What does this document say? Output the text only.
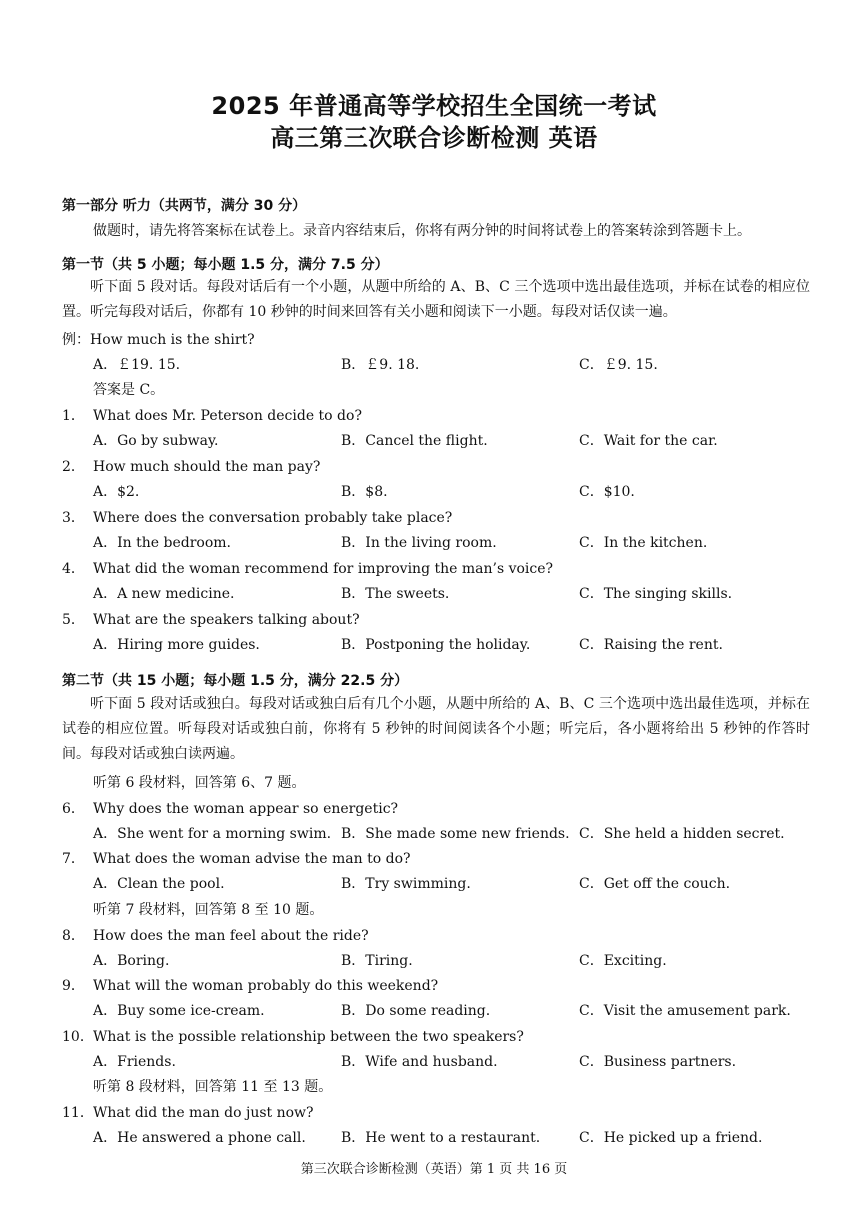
2025 年普通高等学校招生全国统一考试
高三第三次联合诊断检测 英语
第一部分 听力（共两节，满分 30 分）
做题时，请先将答案标在试卷上。录音内容结束后，你将有两分钟的时间将试卷上的答案转涂到答题卡上。
第一节（共 5 小题；每小题 1.5 分，满分 7.5 分）
听下面 5 段对话。每段对话后有一个小题，从题中所给的 A、B、C 三个选项中选出最佳选项，并标在试卷的相应位置。听完每段对话后，你都有 10 秒钟的时间来回答有关小题和阅读下一小题。每段对话仅读一遍。
例：How much is the shirt?
A．￡19. 15.	B．￡9. 18.	C．￡9. 15.
答案是 C。
1． What does Mr. Peterson decide to do?
A．Go by subway.	B．Cancel the flight.	C．Wait for the car.
2． How much should the man pay?
A．$2.	B．$8.	C．$10.
3． Where does the conversation probably take place?
A．In the bedroom.	B．In the living room.	C．In the kitchen.
4． What did the woman recommend for improving the man’s voice?
A．A new medicine.	B．The sweets.	C．The singing skills.
5． What are the speakers talking about?
A．Hiring more guides.	B．Postponing the holiday.	C．Raising the rent.
第二节（共 15 小题；每小题 1.5 分，满分 22.5 分）
听下面 5 段对话或独白。每段对话或独白后有几个小题，从题中所给的 A、B、C 三个选项中选出最佳选项，并标在试卷的相应位置。听每段对话或独白前，你将有 5 秒钟的时间阅读各个小题；听完后，各小题将给出 5 秒钟的作答时间。每段对话或独白读两遍。
听第 6 段材料，回答第 6、7 题。
听第 7 段材料，回答第 8 至 10 题。
听第 8 段材料，回答第 11 至 13 题。
6． Why does the woman appear so energetic?
A．She went for a morning swim. B．She made some new friends. C．She held a hidden secret.
7． What does the woman advise the man to do?
A．Clean the pool.	B．Try swimming.	C．Get off the couch.
8． How does the man feel about the ride?
A．Boring.	B．Tiring.	C．Exciting.
9． What will the woman probably do this weekend?
A．Buy some ice-cream.	B．Do some reading.	C．Visit the amusement park.
10． What is the possible relationship between the two speakers?
A．Friends.	B．Wife and husband.	C．Business partners.
11． What did the man do just now?
A．He answered a phone call.	B．He went to a restaurant.	C．He picked up a friend.
第三次联合诊断检测（英语）第 1 页 共 16 页
